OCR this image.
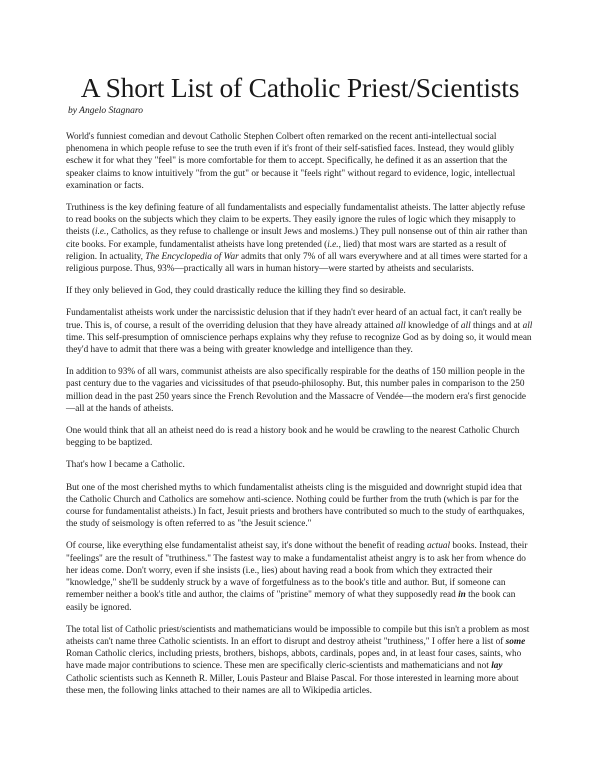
A Short List of Catholic Priest/Scientists
by Angelo Stagnaro

World's funniest comedian and devout Catholic Stephen Colbert often remarked on the recent anti-intellectual social phenomena in which people refuse to see the truth even if it's front of their self-satisfied faces. Instead, they would glibly eschew it for what they "feel" is more comfortable for them to accept. Specifically, he defined it as an assertion that the speaker claims to know intuitively "from the gut" or because it "feels right" without regard to evidence, logic, intellectual examination or facts.

Truthiness is the key defining feature of all fundamentalists and especially fundamentalist atheists. The latter abjectly refuse to read books on the subjects which they claim to be experts. They easily ignore the rules of logic which they misapply to theists (i.e., Catholics, as they refuse to challenge or insult Jews and moslems.) They pull nonsense out of thin air rather than cite books. For example, fundamentalist atheists have long pretended (i.e., lied) that most wars are started as a result of religion. In actuality, The Encyclopedia of War admits that only 7% of all wars everywhere and at all times were started for a religious purpose. Thus, 93%—practically all wars in human history—were started by atheists and secularists.

If they only believed in God, they could drastically reduce the killing they find so desirable.

Fundamentalist atheists work under the narcissistic delusion that if they hadn't ever heard of an actual fact, it can't really be true. This is, of course, a result of the overriding delusion that they have already attained all knowledge of all things and at all time. This self-presumption of omniscience perhaps explains why they refuse to recognize God as by doing so, it would mean they'd have to admit that there was a being with greater knowledge and intelligence than they.

In addition to 93% of all wars, communist atheists are also specifically respirable for the deaths of 150 million people in the past century due to the vagaries and vicissitudes of that pseudo-philosophy. But, this number pales in comparison to the 250 million dead in the past 250 years since the French Revolution and the Massacre of Vendée—the modern era's first genocide—all at the hands of atheists.

One would think that all an atheist need do is read a history book and he would be crawling to the nearest Catholic Church begging to be baptized.

That's how I became a Catholic.

But one of the most cherished myths to which fundamentalist atheists cling is the misguided and downright stupid idea that the Catholic Church and Catholics are somehow anti-science. Nothing could be further from the truth (which is par for the course for fundamentalist atheists.) In fact, Jesuit priests and brothers have contributed so much to the study of earthquakes, the study of seismology is often referred to as "the Jesuit science."

Of course, like everything else fundamentalist atheist say, it's done without the benefit of reading actual books. Instead, their "feelings" are the result of "truthiness." The fastest way to make a fundamentalist atheist angry is to ask her from whence do her ideas come. Don't worry, even if she insists (i.e., lies) about having read a book from which they extracted their "knowledge," she'll be suddenly struck by a wave of forgetfulness as to the book's title and author. But, if someone can remember neither a book's title and author, the claims of "pristine" memory of what they supposedly read in the book can easily be ignored.

The total list of Catholic priest/scientists and mathematicians would be impossible to compile but this isn't a problem as most atheists can't name three Catholic scientists. In an effort to disrupt and destroy atheist "truthiness," I offer here a list of some Roman Catholic clerics, including priests, brothers, bishops, abbots, cardinals, popes and, in at least four cases, saints, who have made major contributions to science. These men are specifically cleric-scientists and mathematicians and not lay Catholic scientists such as Kenneth R. Miller, Louis Pasteur and Blaise Pascal. For those interested in learning more about these men, the following links attached to their names are all to Wikipedia articles.
